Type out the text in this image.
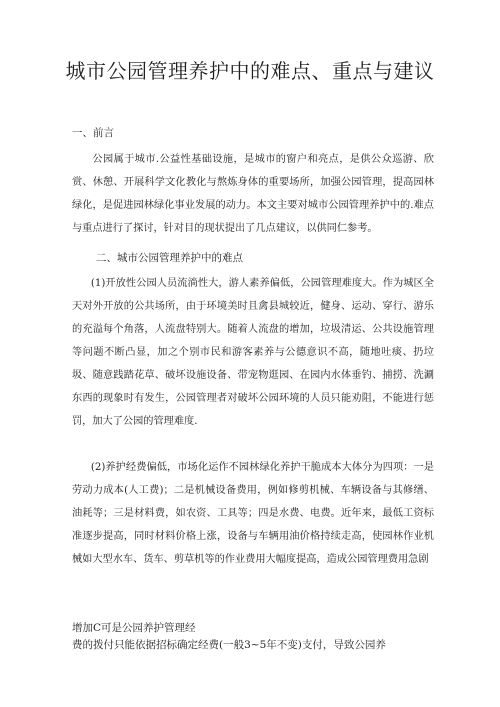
城市公园管理养护中的难点、重点与建议
一、前言
公园属于城市.公益性基础设施，是城市的窗户和亮点，是供公众巡游、欣赏、休憩、开展科学文化教化与熬炼身体的重要场所，加强公园管理，提高园林绿化，是促进园林绿化事业发展的动力。本文主要对城市公园管理养护中的.难点与重点进行了探讨，针对目的现状提出了几点建议，以供同仁参考。
二、城市公园管理养护中的难点
(1)开放性公园人员流淌性大，游人素养偏低，公园管理难度大。作为城区全天对外开放的公共场所，由于环境美时且禽县城较近，健身、运动、穿行、游乐的充溢每个角落，人流盘特别大。随着人流盘的增加，垃圾清运、公共设施管理等问题不断凸显，加之个别市民和游客素养与公德意识不高，随地吐痰、扔垃圾、随意践踏花草、破坏设施设备、带宠物逛园、在园内水体垂钓、捕捞、洗涮东西的现象时有发生，公园管理者对破坏公园环境的人员只能劝阻，不能进行惩罚，加大了公园的管理难度.
(2)养护经费偏低，市场化运作不园林绿化养护干脆成本大体分为四项：一是劳动力成本(人工费)；二是机械设备费用，例如修剪机械、车辆设备与其修缮、油耗等；三是材料费，如农资、工具等；四是水费、电费。近年来，最低工资标准逐步提高，同时材料价格上涨，设备与车辆用油价格持续走高，使园林作业机械如大型水车、货车、剪草机等的作业费用大幅度提高，造成公园管理费用急剧
增加C可是公园养护管理经
费的拨付只能依据招标确定经费(一般3~5年不变)支付，导致公园养
